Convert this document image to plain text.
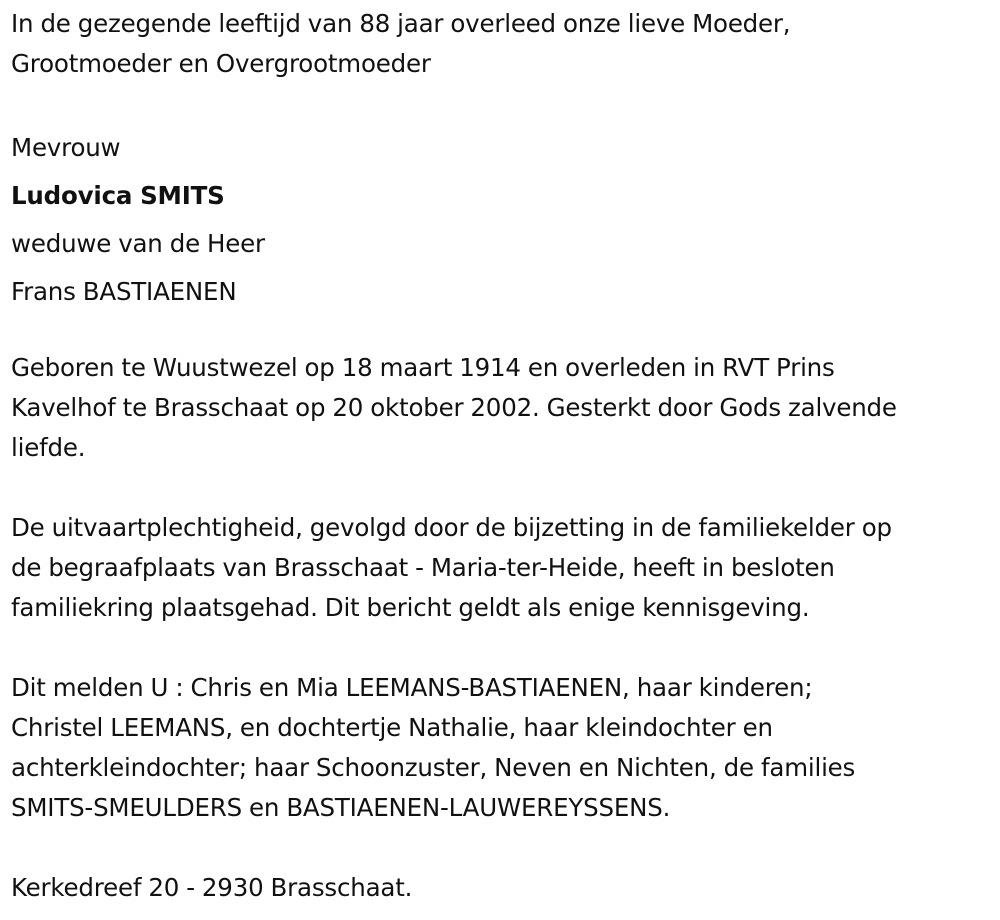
In de gezegende leeftijd van 88 jaar overleed onze lieve Moeder,
Grootmoeder en Overgrootmoeder

Mevrouw
Ludovica SMITS
weduwe van de Heer
Frans BASTIAENEN

Geboren te Wuustwezel op 18 maart 1914 en overleden in RVT Prins
Kavelhof te Brasschaat op 20 oktober 2002. Gesterkt door Gods zalvende
liefde.

De uitvaartplechtigheid, gevolgd door de bijzetting in de familiekelder op
de begraafplaats van Brasschaat - Maria-ter-Heide, heeft in besloten
familiekring plaatsgehad. Dit bericht geldt als enige kennisgeving.

Dit melden U : Chris en Mia LEEMANS-BASTIAENEN, haar kinderen;
Christel LEEMANS, en dochtertje Nathalie, haar kleindochter en
achterkleindochter; haar Schoonzuster, Neven en Nichten, de families
SMITS-SMEULDERS en BASTIAENEN-LAUWEREYSSENS.

Kerkedreef 20 - 2930 Brasschaat.
